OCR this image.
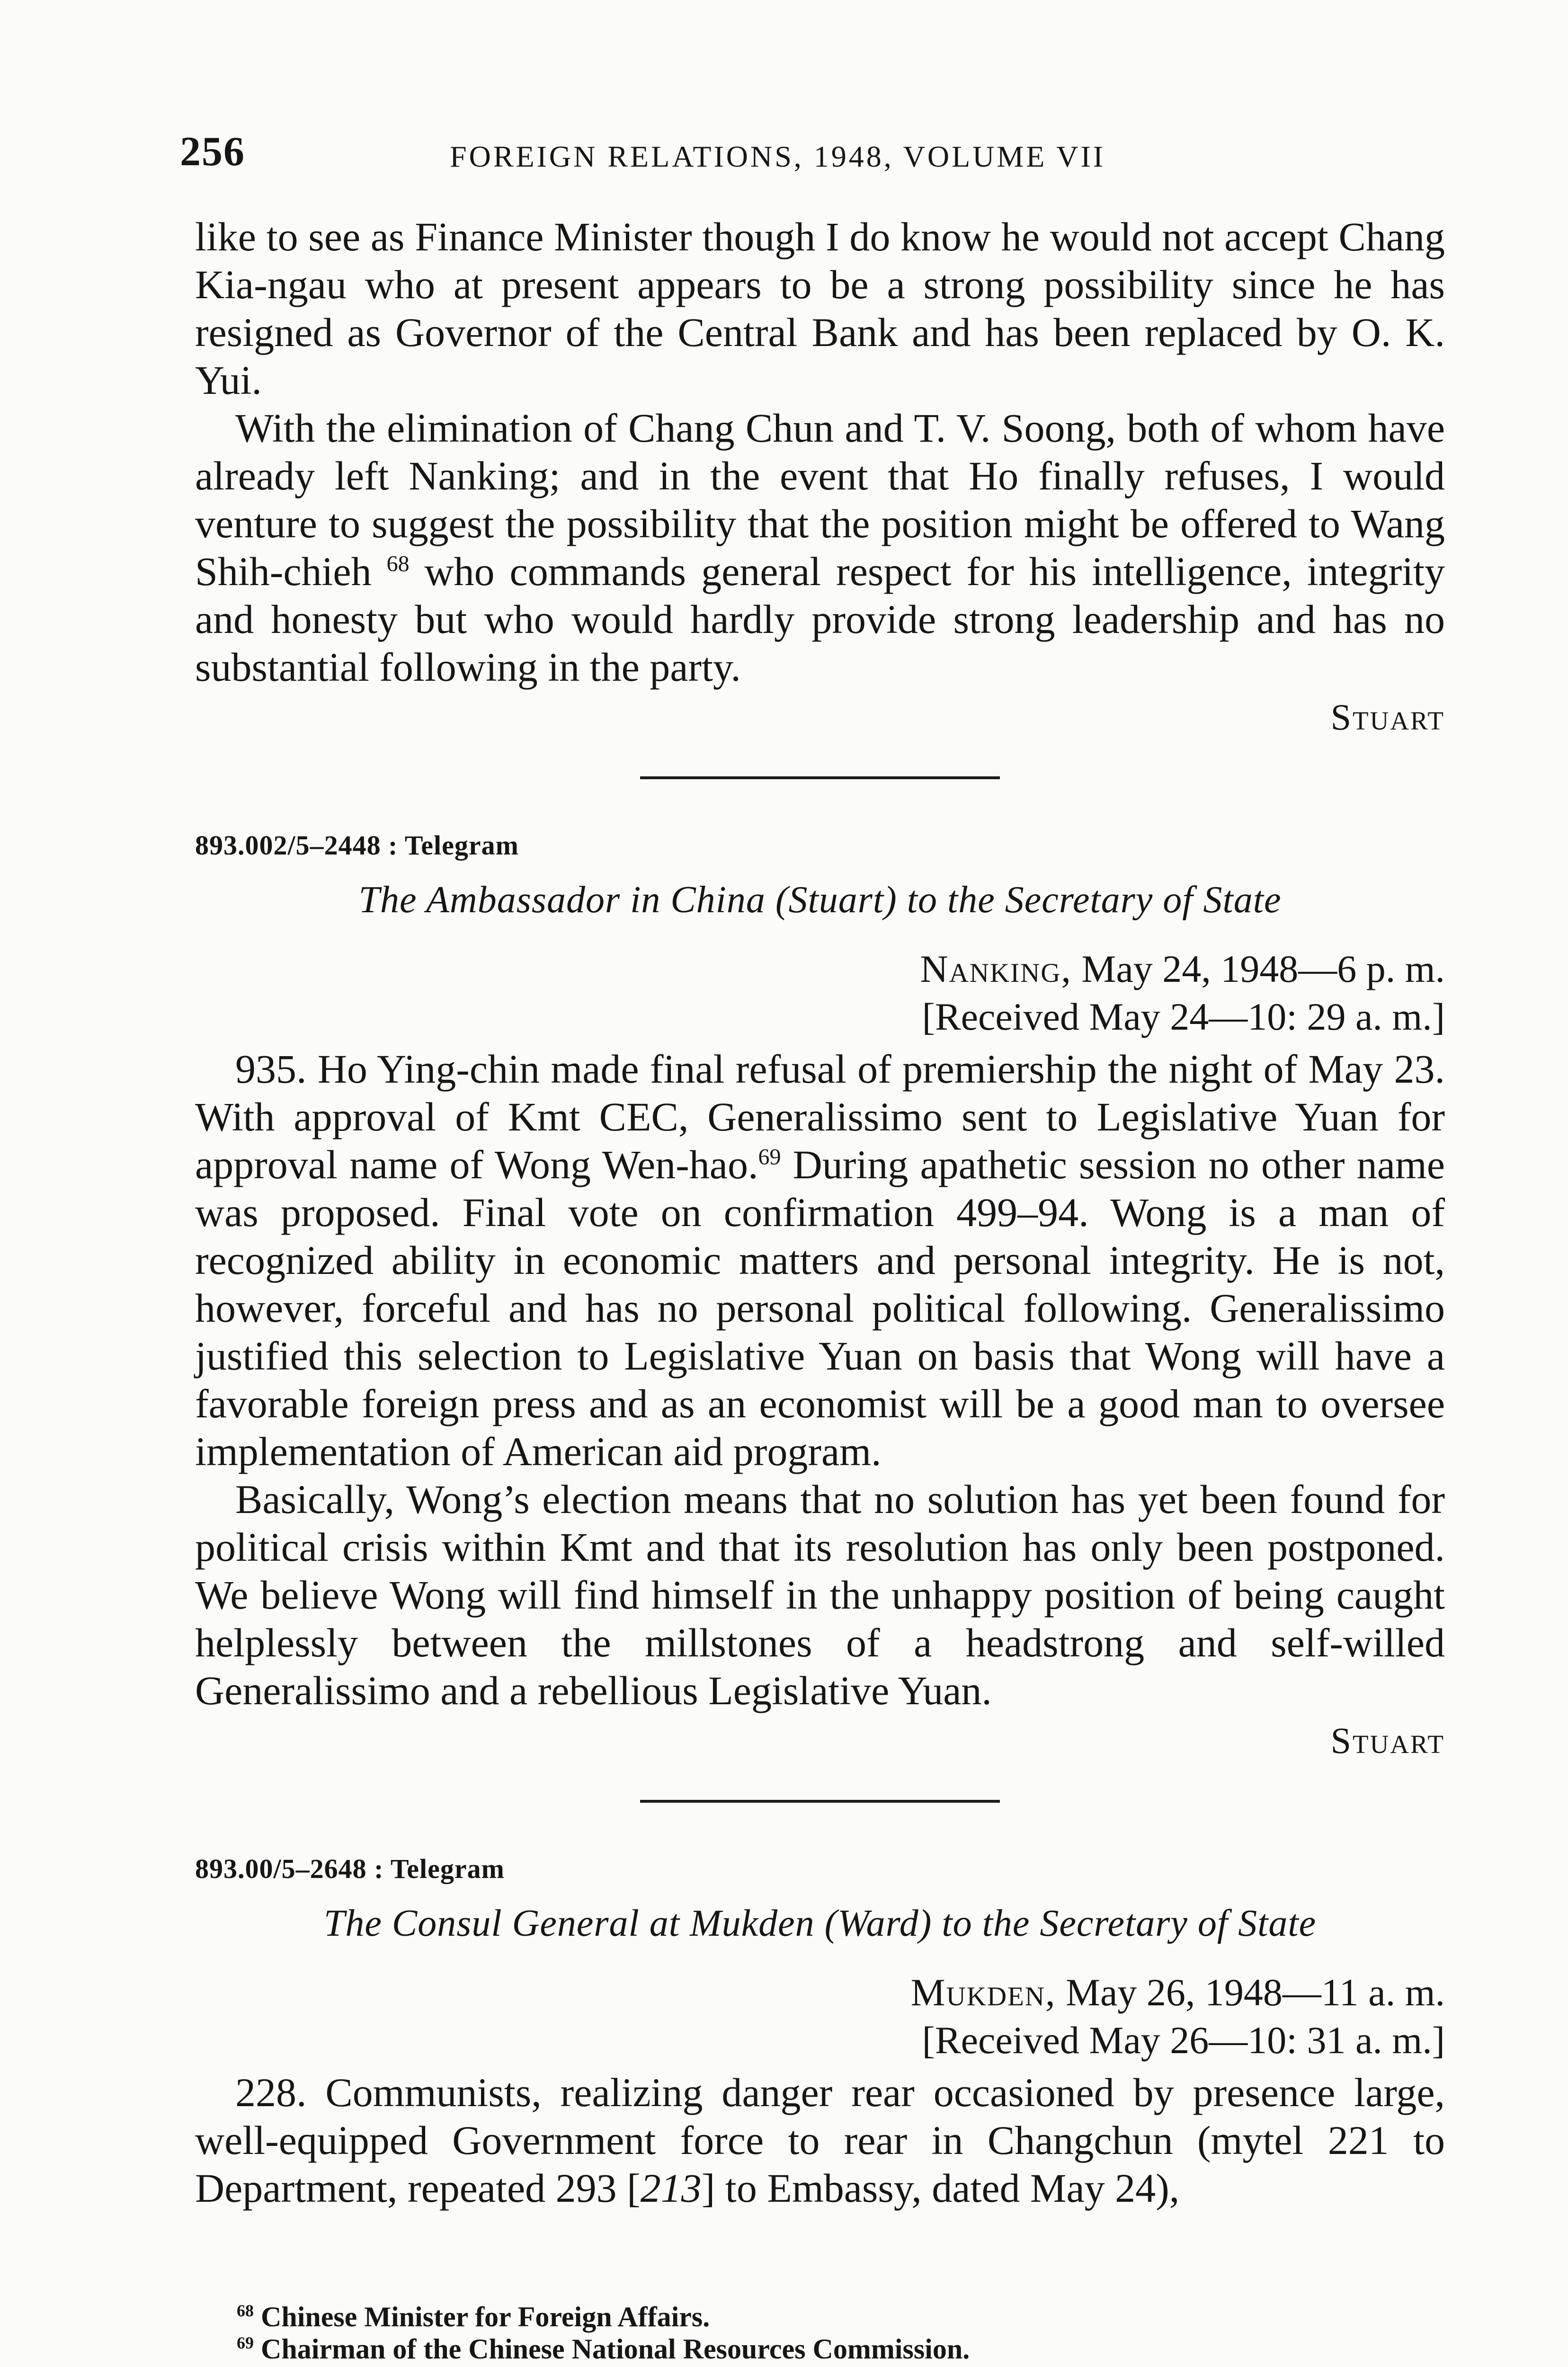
256	FOREIGN RELATIONS, 1948, VOLUME VII

like to see as Finance Minister though I do know he would not accept Chang Kia-ngau who at present appears to be a strong possibility since he has resigned as Governor of the Central Bank and has been replaced by O. K. Yui.

With the elimination of Chang Chun and T. V. Soong, both of whom have already left Nanking; and in the event that Ho finally refuses, I would venture to suggest the possibility that the position might be offered to Wang Shih-chieh $^{68}$ who commands general respect for his intelligence, integrity and honesty but who would hardly provide strong leadership and has no substantial following in the party.

Stuart

893.002/5–2448 : Telegram

The Ambassador in China (Stuart) to the Secretary of State

Nanking, May 24, 1948—6 p. m.

[Received May 24—10: 29 a. m.]

935. Ho Ying-chin made final refusal of premiership the night of May 23. With approval of Kmt CEC, Generalissimo sent to Legislative Yuan for approval name of Wong Wen-hao.$^{69}$ During apathetic session no other name was proposed. Final vote on confirmation 499–94. Wong is a man of recognized ability in economic matters and personal integrity. He is not, however, forceful and has no personal political following. Generalissimo justified this selection to Legislative Yuan on basis that Wong will have a favorable foreign press and as an economist will be a good man to oversee implementation of American aid program.

Basically, Wong’s election means that no solution has yet been found for political crisis within Kmt and that its resolution has only been postponed. We believe Wong will find himself in the unhappy position of being caught helplessly between the millstones of a headstrong and self-willed Generalissimo and a rebellious Legislative Yuan.

Stuart

893.00/5–2648 : Telegram

The Consul General at Mukden (Ward) to the Secretary of State

Mukden, May 26, 1948—11 a. m.

[Received May 26—10: 31 a. m.]

228. Communists, realizing danger rear occasioned by presence large, well-equipped Government force to rear in Changchun (mytel 221 to Department, repeated 293 [213] to Embassy, dated May 24),

$^{68}$ Chinese Minister for Foreign Affairs.

$^{69}$ Chairman of the Chinese National Resources Commission.
